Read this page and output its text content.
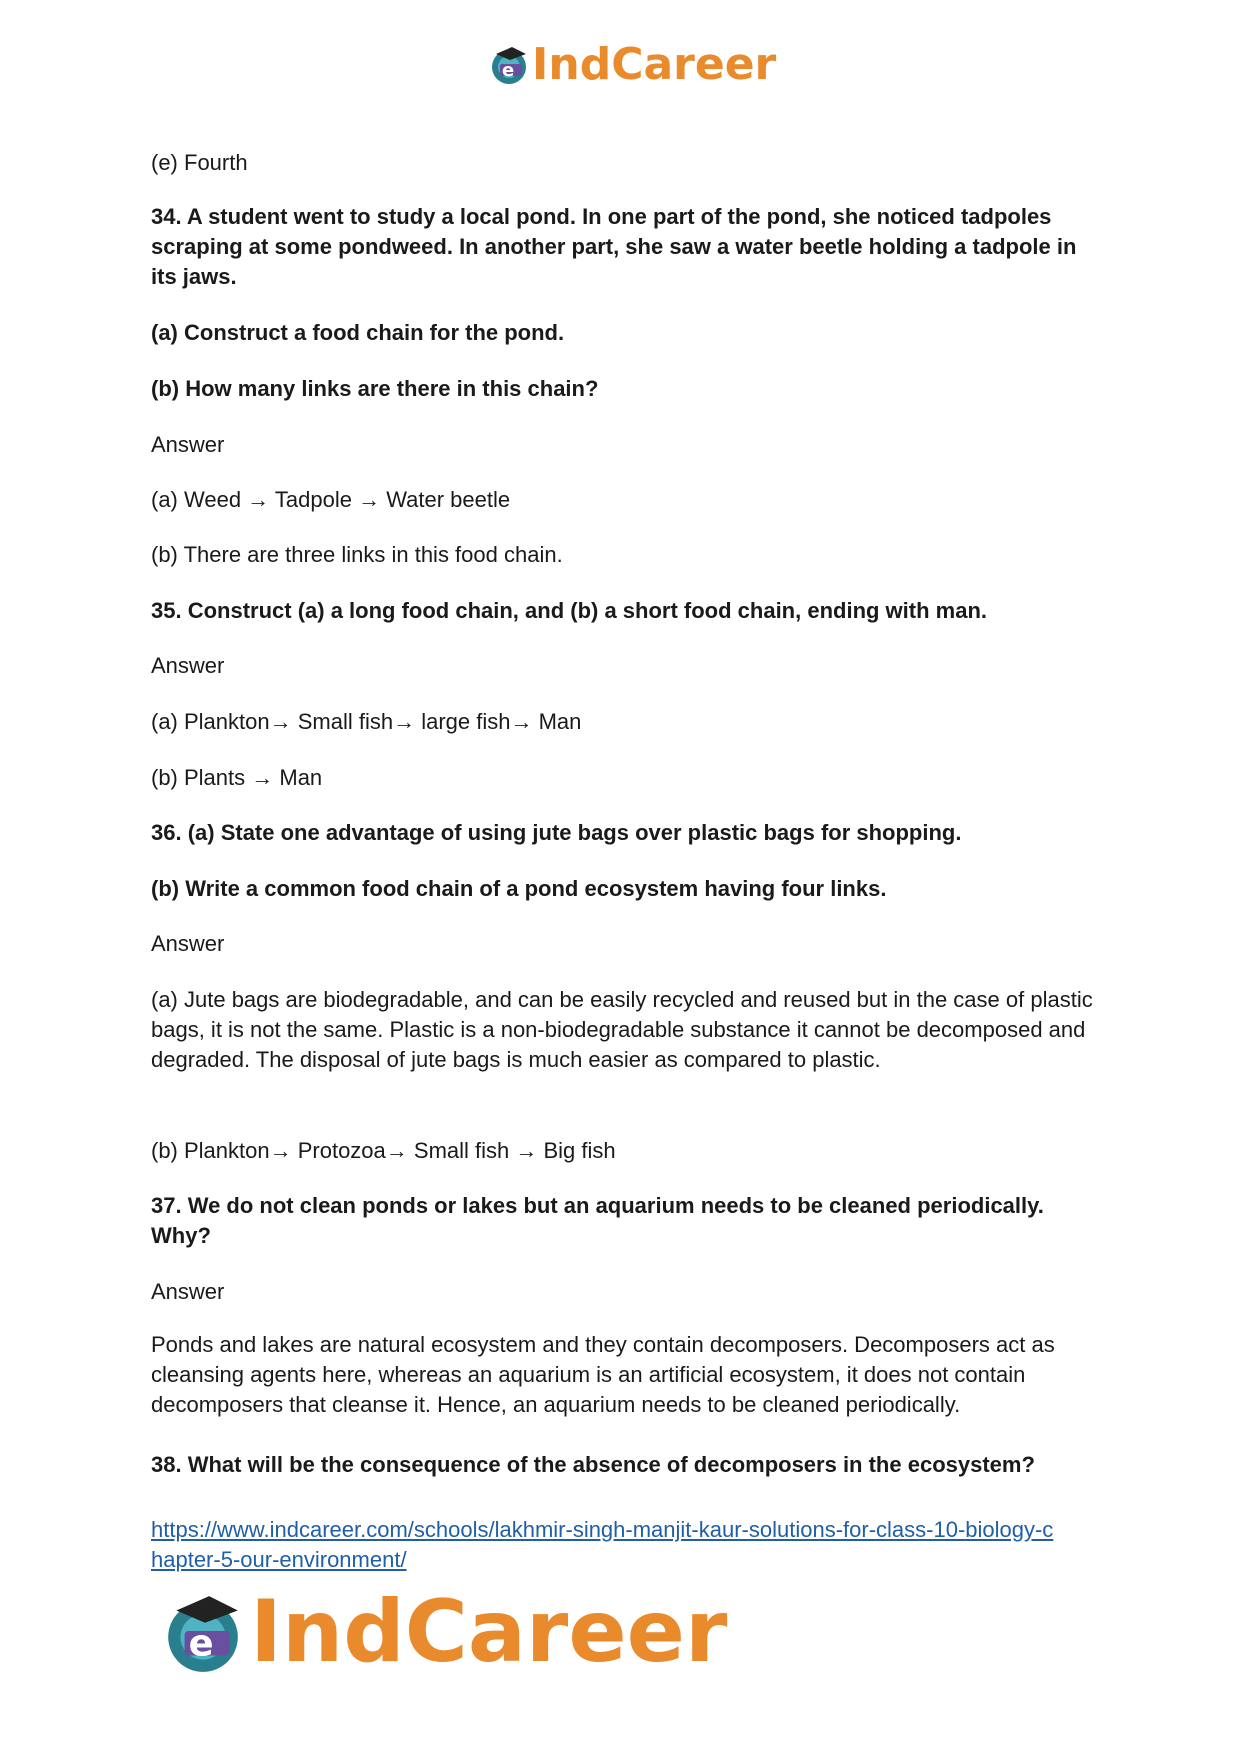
e IndCareer

(e) Fourth

34. A student went to study a local pond. In one part of the pond, she noticed tadpoles scraping at some pondweed. In another part, she saw a water beetle holding a tadpole in its jaws.

(a) Construct a food chain for the pond.

(b) How many links are there in this chain?

Answer

(a) Weed → Tadpole → Water beetle

(b) There are three links in this food chain.

35. Construct (a) a long food chain, and (b) a short food chain, ending with man.

Answer

(a) Plankton→ Small fish→ large fish→ Man

(b) Plants → Man

36. (a) State one advantage of using jute bags over plastic bags for shopping.

(b) Write a common food chain of a pond ecosystem having four links.

Answer

(a) Jute bags are biodegradable, and can be easily recycled and reused but in the case of plastic bags, it is not the same. Plastic is a non-biodegradable substance it cannot be decomposed and degraded. The disposal of jute bags is much easier as compared to plastic.

(b) Plankton→ Protozoa→ Small fish → Big fish

37. We do not clean ponds or lakes but an aquarium needs to be cleaned periodically. Why?

Answer

Ponds and lakes are natural ecosystem and they contain decomposers. Decomposers act as cleansing agents here, whereas an aquarium is an artificial ecosystem, it does not contain decomposers that cleanse it. Hence, an aquarium needs to be cleaned periodically.

38. What will be the consequence of the absence of decomposers in the ecosystem?

https://www.indcareer.com/schools/lakhmir-singh-manjit-kaur-solutions-for-class-10-biology-c
hapter-5-our-environment/
e IndCareer
